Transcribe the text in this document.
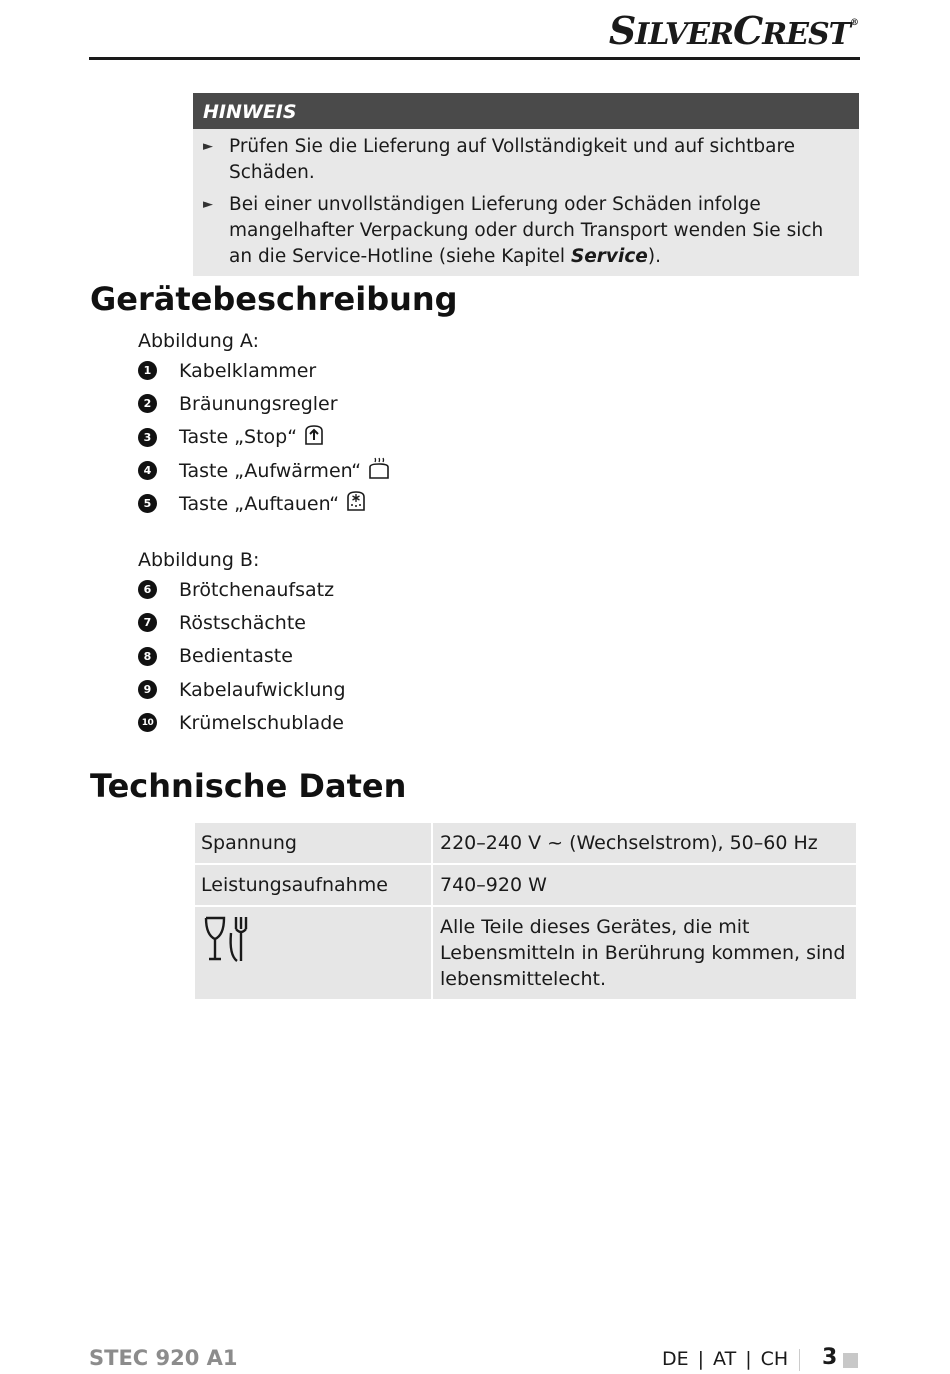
SILVERCREST®
HINWEIS
► Prüfen Sie die Lieferung auf Vollständigkeit und auf sichtbare Schäden.
► Bei einer unvollständigen Lieferung oder Schäden infolge mangelhafter Verpackung oder durch Transport wenden Sie sich an die Service-Hotline (siehe Kapitel Service).
Gerätebeschreibung
Abbildung A:
1 Kabelklammer
2 Bräunungsregler
3 Taste „Stop“
4 Taste „Aufwärmen“
5 Taste „Auftauen“
Abbildung B:
6 Brötchenaufsatz
7 Röstschächte
8 Bedientaste
9 Kabelaufwicklung
10 Krümelschublade
Technische Daten
Spannung	220–240 V ~ (Wechselstrom), 50–60 Hz
Leistungsaufnahme	740–920 W
Alle Teile dieses Gerätes, die mit Lebensmitteln in Berührung kommen, sind lebensmittelecht.
STEC 920 A1	DE | AT | CH 3
